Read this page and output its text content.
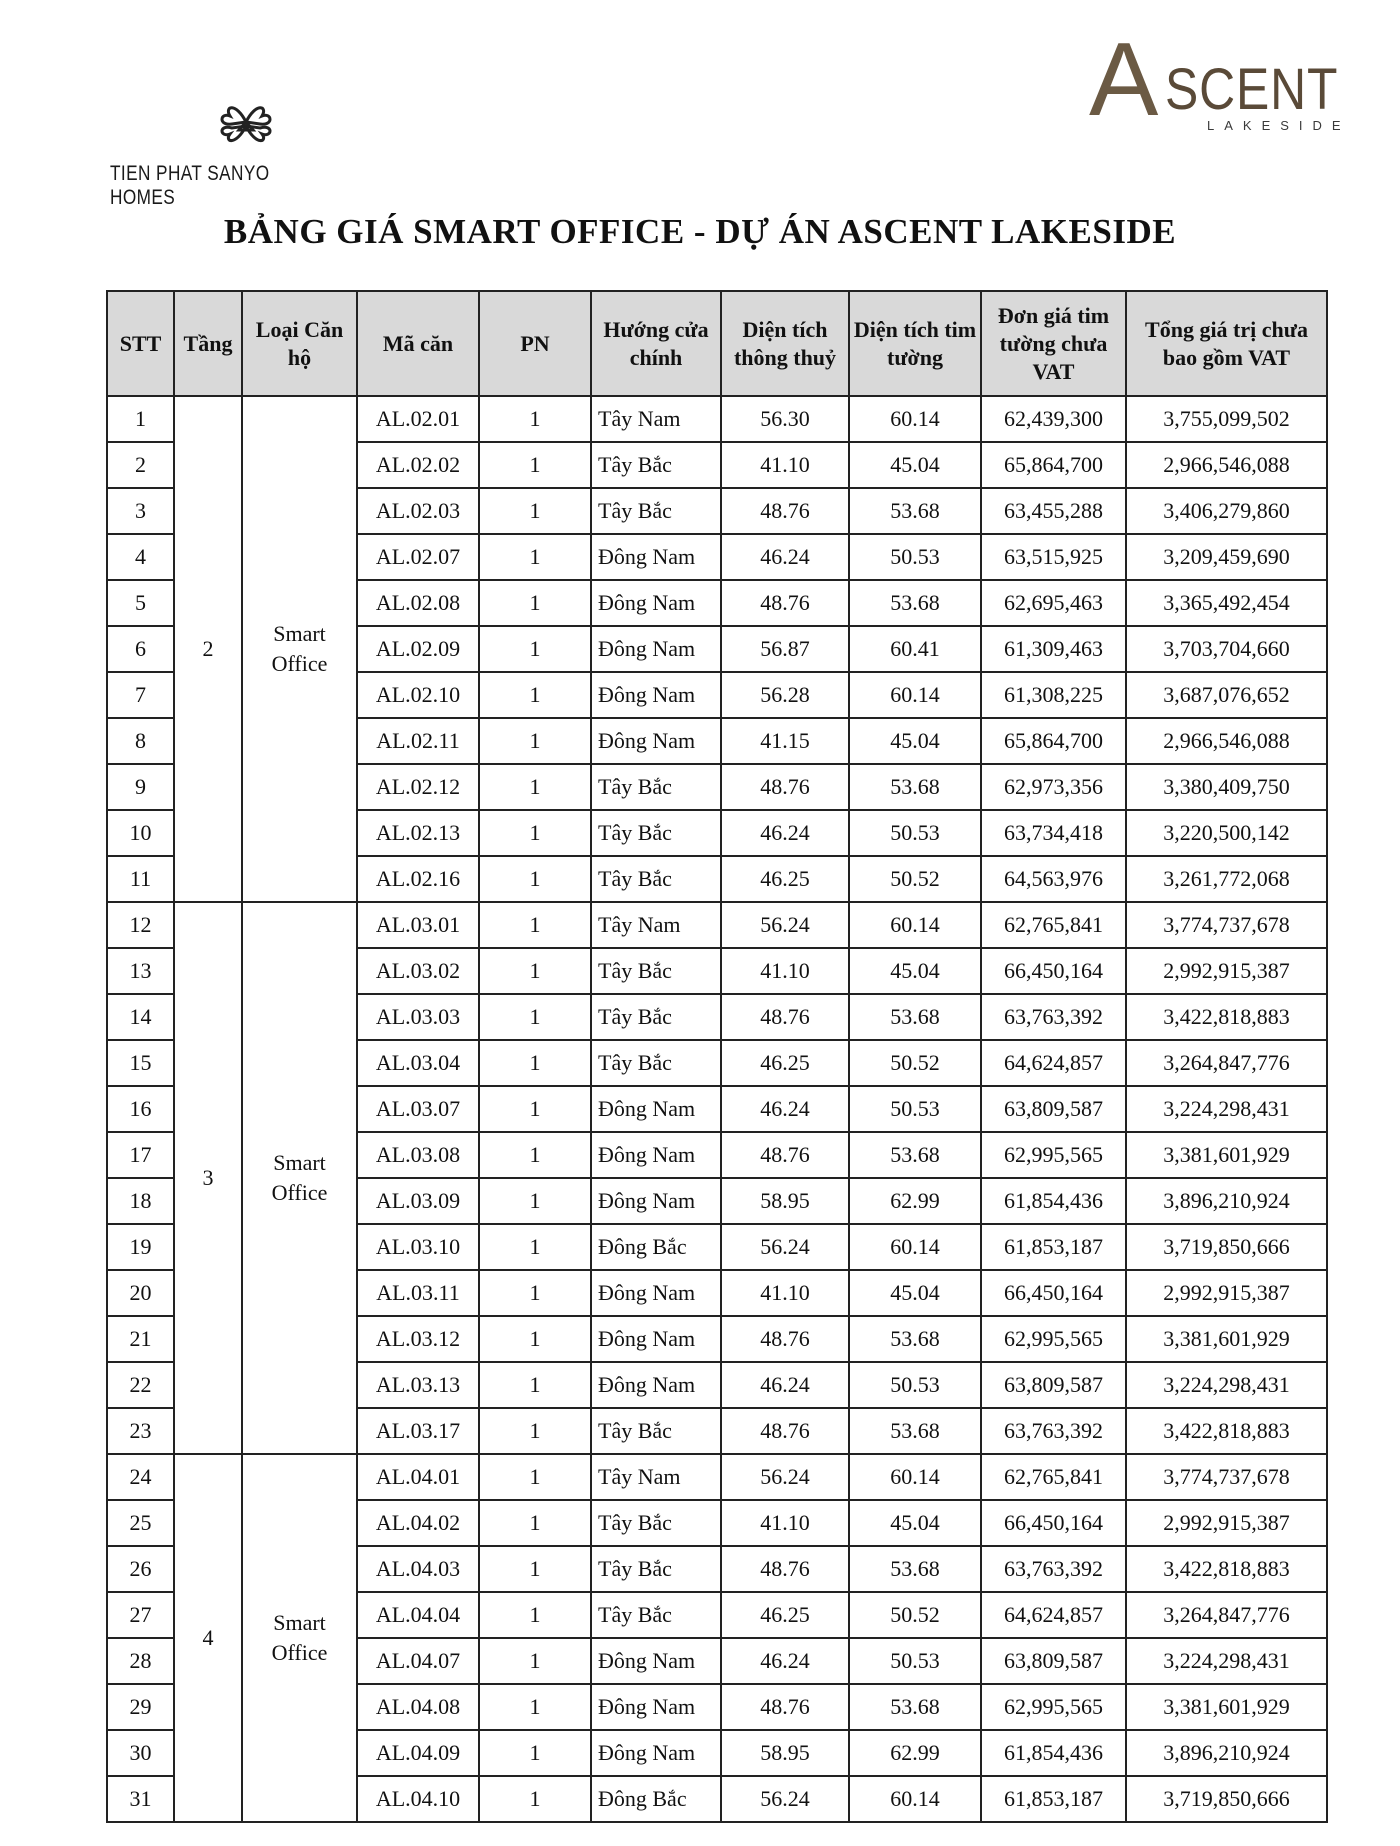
TIEN PHAT SANYO HOMES
A SCENT
LAKESIDE
BẢNG GIÁ SMART OFFICE - DỰ ÁN ASCENT LAKESIDE
STT	Tầng	Loại Căn hộ	Mã căn	PN	Hướng cửa chính	Diện tích thông thuỷ	Diện tích tim tường	Đơn giá tim tường chưa VAT	Tổng giá trị chưa bao gồm VAT
1	2	Smart Office	AL.02.01	1	Tây Nam	56.30	60.14	62,439,300	3,755,099,502
2			AL.02.02	1	Tây Bắc	41.10	45.04	65,864,700	2,966,546,088
3			AL.02.03	1	Tây Bắc	48.76	53.68	63,455,288	3,406,279,860
4			AL.02.07	1	Đông Nam	46.24	50.53	63,515,925	3,209,459,690
5			AL.02.08	1	Đông Nam	48.76	53.68	62,695,463	3,365,492,454
6			AL.02.09	1	Đông Nam	56.87	60.41	61,309,463	3,703,704,660
7			AL.02.10	1	Đông Nam	56.28	60.14	61,308,225	3,687,076,652
8			AL.02.11	1	Đông Nam	41.15	45.04	65,864,700	2,966,546,088
9			AL.02.12	1	Tây Bắc	48.76	53.68	62,973,356	3,380,409,750
10			AL.02.13	1	Tây Bắc	46.24	50.53	63,734,418	3,220,500,142
11			AL.02.16	1	Tây Bắc	46.25	50.52	64,563,976	3,261,772,068
12	3	Smart Office	AL.03.01	1	Tây Nam	56.24	60.14	62,765,841	3,774,737,678
13			AL.03.02	1	Tây Bắc	41.10	45.04	66,450,164	2,992,915,387
14			AL.03.03	1	Tây Bắc	48.76	53.68	63,763,392	3,422,818,883
15			AL.03.04	1	Tây Bắc	46.25	50.52	64,624,857	3,264,847,776
16			AL.03.07	1	Đông Nam	46.24	50.53	63,809,587	3,224,298,431
17			AL.03.08	1	Đông Nam	48.76	53.68	62,995,565	3,381,601,929
18			AL.03.09	1	Đông Nam	58.95	62.99	61,854,436	3,896,210,924
19			AL.03.10	1	Đông Bắc	56.24	60.14	61,853,187	3,719,850,666
20			AL.03.11	1	Đông Nam	41.10	45.04	66,450,164	2,992,915,387
21			AL.03.12	1	Đông Nam	48.76	53.68	62,995,565	3,381,601,929
22			AL.03.13	1	Đông Nam	46.24	50.53	63,809,587	3,224,298,431
23			AL.03.17	1	Tây Bắc	48.76	53.68	63,763,392	3,422,818,883
24	4	Smart Office	AL.04.01	1	Tây Nam	56.24	60.14	62,765,841	3,774,737,678
25			AL.04.02	1	Tây Bắc	41.10	45.04	66,450,164	2,992,915,387
26			AL.04.03	1	Tây Bắc	48.76	53.68	63,763,392	3,422,818,883
27			AL.04.04	1	Tây Bắc	46.25	50.52	64,624,857	3,264,847,776
28			AL.04.07	1	Đông Nam	46.24	50.53	63,809,587	3,224,298,431
29			AL.04.08	1	Đông Nam	48.76	53.68	62,995,565	3,381,601,929
30			AL.04.09	1	Đông Nam	58.95	62.99	61,854,436	3,896,210,924
31			AL.04.10	1	Đông Bắc	56.24	60.14	61,853,187	3,719,850,666
